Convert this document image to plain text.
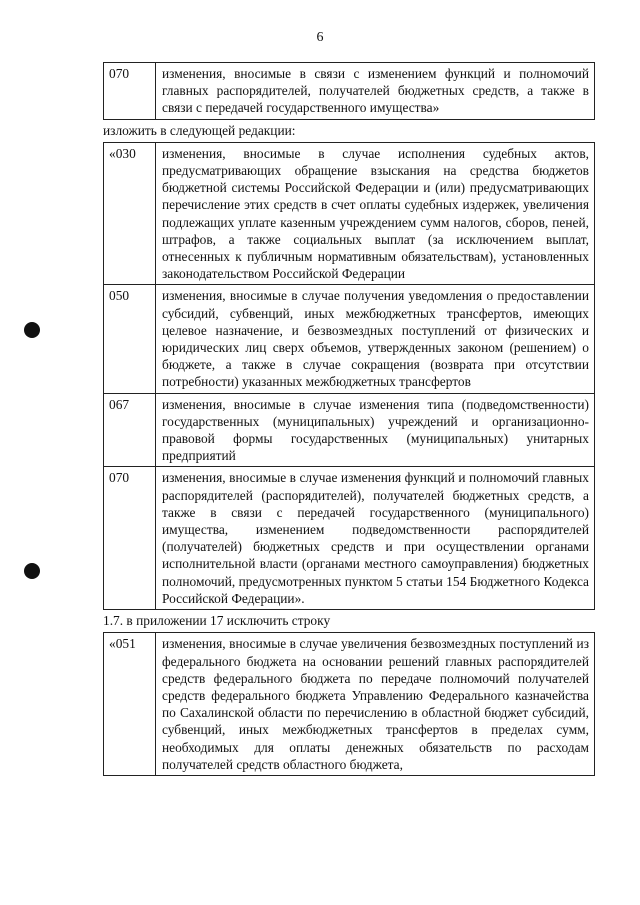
6
070	изменения, вносимые в связи с изменением функций и полномочий главных распорядителей, получателей бюджетных средств, а также в связи с передачей государственного имущества»

изложить в следующей редакции:

«030	изменения, вносимые в случае исполнения судебных актов, предусматривающих обращение взыскания на средства бюджетов бюджетной системы Российской Федерации и (или) предусматривающих перечисление этих средств в счет оплаты судебных издержек, увеличения подлежащих уплате казенным учреждением сумм налогов, сборов, пеней, штрафов, а также социальных выплат (за исключением выплат, отнесенных к публичным нормативным обязательствам), установленных законодательством Российской Федерации
050	изменения, вносимые в случае получения уведомления о предоставлении субсидий, субвенций, иных межбюджетных трансфертов, имеющих целевое назначение, и безвозмездных поступлений от физических и юридических лиц сверх объемов, утвержденных законом (решением) о бюджете, а также в случае сокращения (возврата при отсутствии потребности) указанных межбюджетных трансфертов
067	изменения, вносимые в случае изменения типа (подведомственности) государственных (муниципальных) учреждений и организационно-правовой формы государственных (муниципальных) унитарных предприятий
070	изменения, вносимые в случае изменения функций и полномочий главных распорядителей (распорядителей), получателей бюджетных средств, а также в связи с передачей государственного (муниципального) имущества, изменением подведомственности распорядителей (получателей) бюджетных средств и при осуществлении органами исполнительной власти (органами местного самоуправления) бюджетных полномочий, предусмотренных пунктом 5 статьи 154 Бюджетного Кодекса Российской Федерации».

1.7. в приложении 17 исключить строку

«051	изменения, вносимые в случае увеличения безвозмездных поступлений из федерального бюджета на основании решений главных распорядителей средств федерального бюджета по передаче полномочий получателей средств федерального бюджета Управлению Федерального казначейства по Сахалинской области по перечислению в областной бюджет субсидий, субвенций, иных межбюджетных трансфертов в пределах сумм, необходимых для оплаты денежных обязательств по расходам получателей средств областного бюджета,
